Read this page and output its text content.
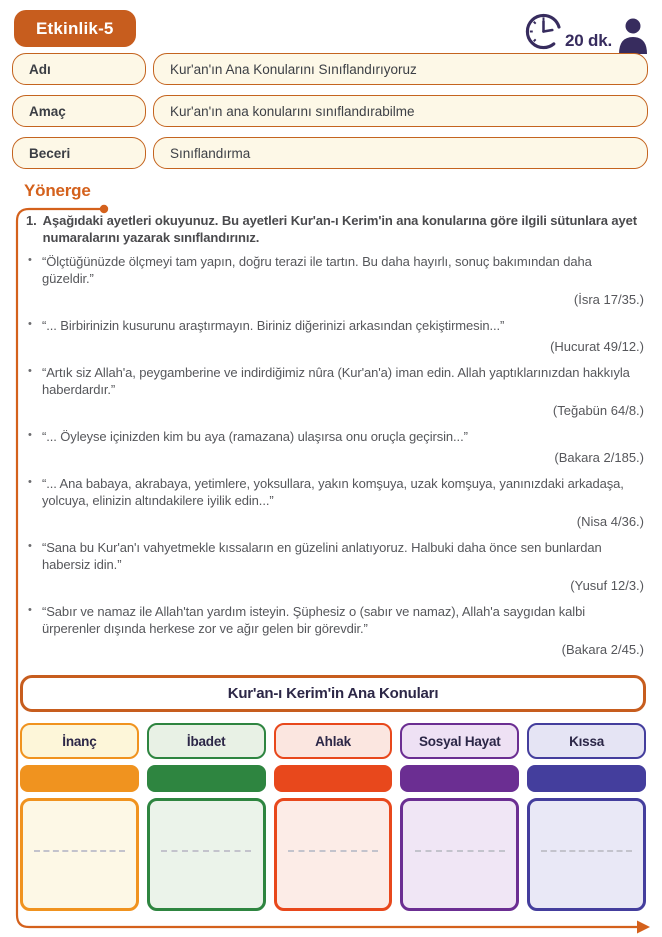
Etkinlik-5
20 dk.
Adı	Kur'an'ın Ana Konularını Sınıflandırıyoruz
Amaç	Kur'an'ın ana konularını sınıflandırabilme
Beceri	Sınıflandırma
Yönerge
1. Aşağıdaki ayetleri okuyunuz. Bu ayetleri Kur'an-ı Kerim'in ana konularına göre ilgili sütunlara ayet numaralarını yazarak sınıflandırınız.
• “Ölçtüğünüzde ölçmeyi tam yapın, doğru terazi ile tartın. Bu daha hayırlı, sonuç bakımından daha güzeldir.”
(İsra 17/35.)
• “... Birbirinizin kusurunu araştırmayın. Biriniz diğerinizi arkasından çekiştirmesin...”
(Hucurat 49/12.)
• “Artık siz Allah'a, peygamberine ve indirdiğimiz nûra (Kur'an'a) iman edin. Allah yaptıklarınızdan hakkıyla haberdardır.”
(Teğabün 64/8.)
• “... Öyleyse içinizden kim bu aya (ramazana) ulaşırsa onu oruçla geçirsin...”
(Bakara 2/185.)
• “... Ana babaya, akrabaya, yetimlere, yoksullara, yakın komşuya, uzak komşuya, yanınızdaki arkadaşa, yolcuya, elinizin altındakilere iyilik edin...”
(Nisa 4/36.)
• “Sana bu Kur'an'ı vahyetmekle kıssaların en güzelini anlatıyoruz. Halbuki daha önce sen bunlardan habersiz idin.”
(Yusuf 12/3.)
• “Sabır ve namaz ile Allah'tan yardım isteyin. Şüphesiz o (sabır ve namaz), Allah'a saygıdan kalbi ürperenler dışında herkese zor ve ağır gelen bir görevdir.”
(Bakara 2/45.)
Kur'an-ı Kerim'in Ana Konuları
İnanç	İbadet	Ahlak	Sosyal Hayat	Kıssa
